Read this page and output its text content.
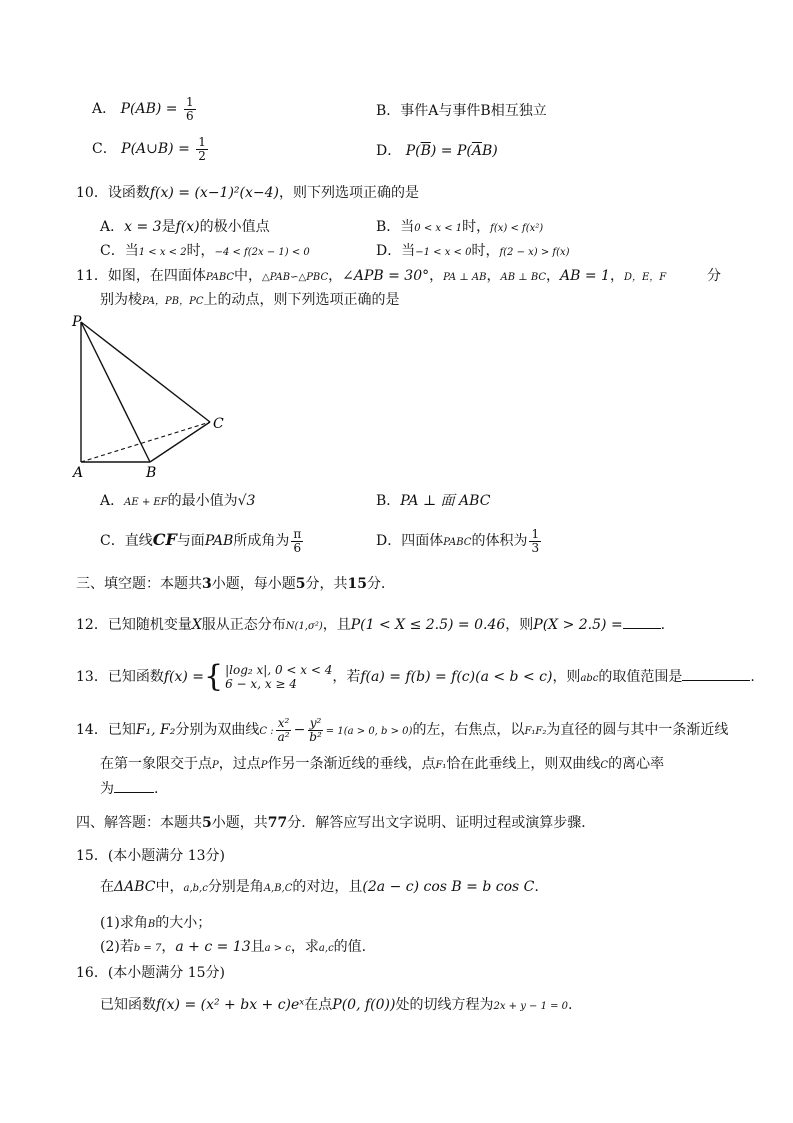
A． $P(AB) = \frac{1}{6}$	B．事件A与事件B相互独立
C． P(A∪B) = $\frac{1}{2}$	D． $P(\overline{B}) = P(\overline{A}B)$
10．设函数f(x) = (x−1)²(x−4)，则下列选项正确的是
A．x = 3是f(x)的极小值点	B．当0 < x < 1时，f(x) < f(x²)
C．当1 < x < 2时，−4 < f(2x − 1) < 0	D．当−1 < x < 0时，f(2 − x) > f(x)
11．如图，在四面体PABC中，△PAB∽△PBC，∠APB = 30°，PA ⊥ AB，AB ⊥ BC，AB = 1，D，E，F	分
别为棱PA，PB，PC上的动点，则下列选项正确的是
P
A	B
C
A．AE + EF的最小值为√3	B．PA ⊥ 面 ABC
C．直线CF与面PAB所成角为 $\frac{\pi}{6}$	D．四面体PABC的体积为 $\frac{1}{3}$
三、填空题：本题共3小题，每小题5分，共15分．
12．已知随机变量X服从正态分布N(1,σ²)，且P(1 < X ≤ 2.5) = 0.46，则P(X > 2.5) =	.
13．已知函数f(x) = { |log₂ x|, 0 < x < 4
6 − x, x ≥ 4	，若f(a) = f(b) = f(c)(a < b < c)，则abc的取值范围是	.
14．已知F₁, F₂分别为双曲线C : $\frac{\text{x²}}{\text{a²}} - \frac{\text{y²}}{\text{b²}} = 1(a > 0$, b > 0)的左，右焦点，以F₁F₂为直径的圆与其中一条渐近线
在第一象限交于点P，过点P作另一条渐近线的垂线，点F₁恰在此垂线上，则双曲线C的离心率
为	.
四、解答题：本题共5小题，共77分．解答应写出文字说明、证明过程或演算步骤．
15．(本小题满分 13分)
在ΔABC中，a,b,c分别是角A,B,C的对边，且(2a − c) cos B = b cos C.
(1)求角B的大小；
(2)若b = 7，a + c = 13且a > c，求a,c的值.
16．(本小题满分 15分)
已知函数f(x) = (x² + bx + c)eˣ在点P(0, f(0))处的切线方程为2x + y − 1 = 0.
